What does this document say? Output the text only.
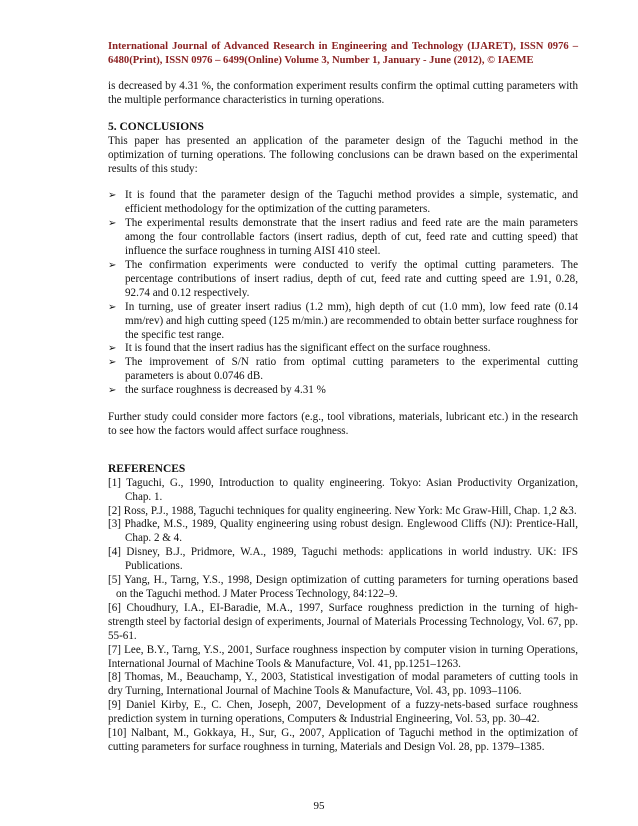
International Journal of Advanced Research in Engineering and Technology (IJARET), ISSN 0976 – 6480(Print), ISSN 0976 – 6499(Online) Volume 3, Number 1, January - June (2012), © IAEME

is decreased by 4.31 %, the conformation experiment results confirm the optimal cutting parameters with the multiple performance characteristics in turning operations.

5. CONCLUSIONS

This paper has presented an application of the parameter design of the Taguchi method in the optimization of turning operations. The following conclusions can be drawn based on the experimental results of this study:

➢ It is found that the parameter design of the Taguchi method provides a simple, systematic, and efficient methodology for the optimization of the cutting parameters.
➢ The experimental results demonstrate that the insert radius and feed rate are the main parameters among the four controllable factors (insert radius, depth of cut, feed rate and cutting speed) that influence the surface roughness in turning AISI 410 steel.
➢ The confirmation experiments were conducted to verify the optimal cutting parameters. The percentage contributions of insert radius, depth of cut, feed rate and cutting speed are 1.91, 0.28, 92.74 and 0.12 respectively.
➢ In turning, use of greater insert radius (1.2 mm), high depth of cut (1.0 mm), low feed rate (0.14 mm/rev) and high cutting speed (125 m/min.) are recommended to obtain better surface roughness for the specific test range.
➢ It is found that the insert radius has the significant effect on the surface roughness.
➢ The improvement of S/N ratio from optimal cutting parameters to the experimental cutting parameters is about 0.0746 dB.
➢ the surface roughness is decreased by 4.31 %

Further study could consider more factors (e.g., tool vibrations, materials, lubricant etc.) in the research to see how the factors would affect surface roughness.

REFERENCES

[1] Taguchi, G., 1990, Introduction to quality engineering. Tokyo: Asian Productivity Organization, Chap. 1.
[2] Ross, P.J., 1988, Taguchi techniques for quality engineering. New York: Mc Graw-Hill, Chap. 1,2 &3.
[3] Phadke, M.S., 1989, Quality engineering using robust design. Englewood Cliffs (NJ): Prentice-Hall, Chap. 2 & 4.
[4] Disney, B.J., Pridmore, W.A., 1989, Taguchi methods: applications in world industry. UK: IFS Publications.
[5] Yang, H., Tarng, Y.S., 1998, Design optimization of cutting parameters for turning operations based on the Taguchi method. J Mater Process Technology, 84:122–9.
[6] Choudhury, I.A., EI-Baradie, M.A., 1997, Surface roughness prediction in the turning of high-strength steel by factorial design of experiments, Journal of Materials Processing Technology, Vol. 67, pp. 55-61.
[7] Lee, B.Y., Tarng, Y.S., 2001, Surface roughness inspection by computer vision in turning Operations, International Journal of Machine Tools & Manufacture, Vol. 41, pp.1251–1263.
[8] Thomas, M., Beauchamp, Y., 2003, Statistical investigation of modal parameters of cutting tools in dry Turning, International Journal of Machine Tools & Manufacture, Vol. 43, pp. 1093–1106.
[9] Daniel Kirby, E., C. Chen, Joseph, 2007, Development of a fuzzy-nets-based surface roughness prediction system in turning operations, Computers & Industrial Engineering, Vol. 53, pp. 30–42.
[10] Nalbant, M., Gokkaya, H., Sur, G., 2007, Application of Taguchi method in the optimization of cutting parameters for surface roughness in turning, Materials and Design Vol. 28, pp. 1379–1385.
95
